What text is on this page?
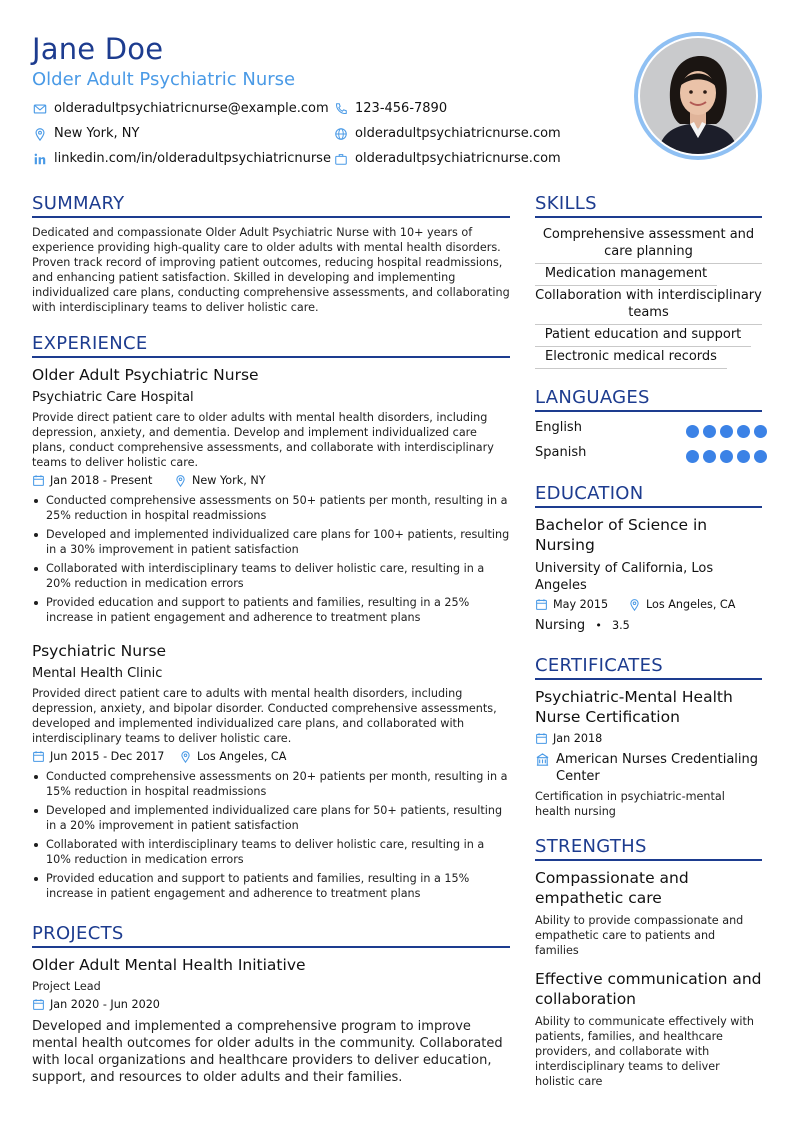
Jane Doe
Older Adult Psychiatric Nurse
olderadultpsychiatricnurse@example.com 123-456-7890
New York, NY	olderadultpsychiatricnurse.com
linkedin.com/in/olderadultpsychiatricnurse olderadultpsychiatricnurse.com
SUMMARY
Dedicated and compassionate Older Adult Psychiatric Nurse with 10+ years of experience providing high-quality care to older adults with mental health disorders. Proven track record of improving patient outcomes, reducing hospital readmissions, and enhancing patient satisfaction. Skilled in developing and implementing individualized care plans, conducting comprehensive assessments, and collaborating with interdisciplinary teams to deliver holistic care.
EXPERIENCE
Older Adult Psychiatric Nurse
Psychiatric Care Hospital
Provide direct patient care to older adults with mental health disorders, including depression, anxiety, and dementia. Develop and implement individualized care plans, conduct comprehensive assessments, and collaborate with interdisciplinary teams to deliver holistic care.
Jan 2018 - Present	New York, NY
Conducted comprehensive assessments on 50+ patients per month, resulting in a 25% reduction in hospital readmissions
Developed and implemented individualized care plans for 100+ patients, resulting in a 30% improvement in patient satisfaction
Collaborated with interdisciplinary teams to deliver holistic care, resulting in a 20% reduction in medication errors
Provided education and support to patients and families, resulting in a 25% increase in patient engagement and adherence to treatment plans
Psychiatric Nurse
Mental Health Clinic
Provided direct patient care to adults with mental health disorders, including depression, anxiety, and bipolar disorder. Conducted comprehensive assessments, developed and implemented individualized care plans, and collaborated with interdisciplinary teams to deliver holistic care.
Jun 2015 - Dec 2017	Los Angeles, CA
Conducted comprehensive assessments on 20+ patients per month, resulting in a 15% reduction in hospital readmissions
Developed and implemented individualized care plans for 50+ patients, resulting in a 20% improvement in patient satisfaction
Collaborated with interdisciplinary teams to deliver holistic care, resulting in a 10% reduction in medication errors
Provided education and support to patients and families, resulting in a 15% increase in patient engagement and adherence to treatment plans
PROJECTS
Older Adult Mental Health Initiative
Project Lead
Jan 2020 - Jun 2020
Developed and implemented a comprehensive program to improve mental health outcomes for older adults in the community. Collaborated with local organizations and healthcare providers to deliver education, support, and resources to older adults and their families.
SKILLS
Comprehensive assessment and care planning
Medication management
Collaboration with interdisciplinary teams
Patient education and support
Electronic medical records
LANGUAGES
English
Spanish
EDUCATION
Bachelor of Science in Nursing
University of California, Los Angeles
May 2015	Los Angeles, CA
Nursing • 3.5
CERTIFICATES
Psychiatric-Mental Health Nurse Certification
Jan 2018
American Nurses Credentialing Center
Certification in psychiatric-mental health nursing
STRENGTHS
Compassionate and empathetic care
Ability to provide compassionate and empathetic care to patients and families
Effective communication and collaboration
Ability to communicate effectively with patients, families, and healthcare providers, and collaborate with interdisciplinary teams to deliver holistic care
